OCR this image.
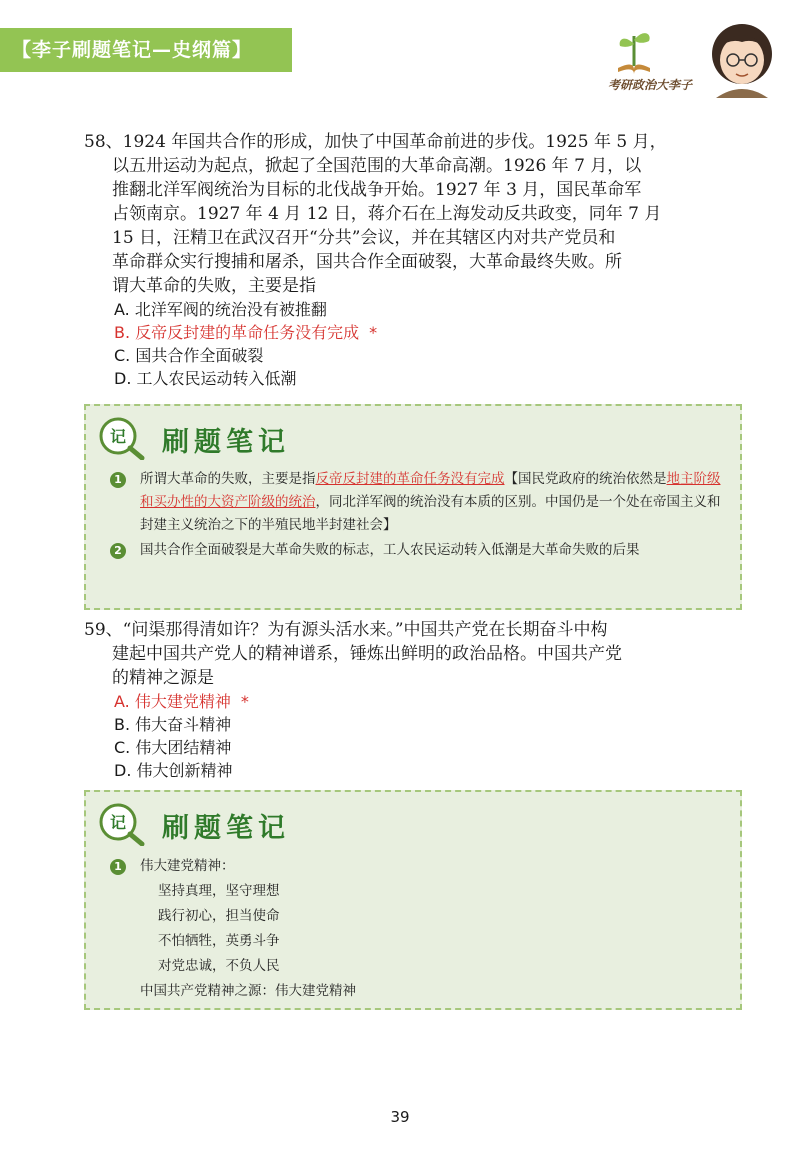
【李子刷题笔记—史纲篇】
考研政治大李子

58、1924 年国共合作的形成，加快了中国革命前进的步伐。1925 年 5 月，
以五卅运动为起点，掀起了全国范围的大革命高潮。1926 年 7 月，以
推翻北洋军阀统治为目标的北伐战争开始。1927 年 3 月，国民革命军
占领南京。1927 年 4 月 12 日，蒋介石在上海发动反共政变，同年 7 月
15 日，汪精卫在武汉召开“分共”会议，并在其辖区内对共产党员和
革命群众实行搜捕和屠杀，国共合作全面破裂，大革命最终失败。所
谓大革命的失败，主要是指

A. 北洋军阀的统治没有被推翻
B. 反帝反封建的革命任务没有完成 *
C. 国共合作全面破裂
D. 工人农民运动转入低潮
记 刷题笔记
1	所谓大革命的失败，主要是指反帝反封建的革命任务没有完成【国民党政府的统治依然是地主阶级和买办性的大资产阶级的统治，同北洋军阀的统治没有本质的区别。中国仍是一个处在帝国主义和封建主义统治之下的半殖民地半封建社会】
2	国共合作全面破裂是大革命失败的标志，工人农民运动转入低潮是大革命失败的后果

59、“问渠那得清如许？为有源头活水来。”中国共产党在长期奋斗中构
建起中国共产党人的精神谱系，锤炼出鲜明的政治品格。中国共产党
的精神之源是

A. 伟大建党精神 *
B. 伟大奋斗精神
C. 伟大团结精神
D. 伟大创新精神
记 刷题笔记
1	伟大建党精神：
坚持真理，坚守理想
践行初心，担当使命
不怕牺牲，英勇斗争
对党忠诚，不负人民
中国共产党精神之源：伟大建党精神
39
